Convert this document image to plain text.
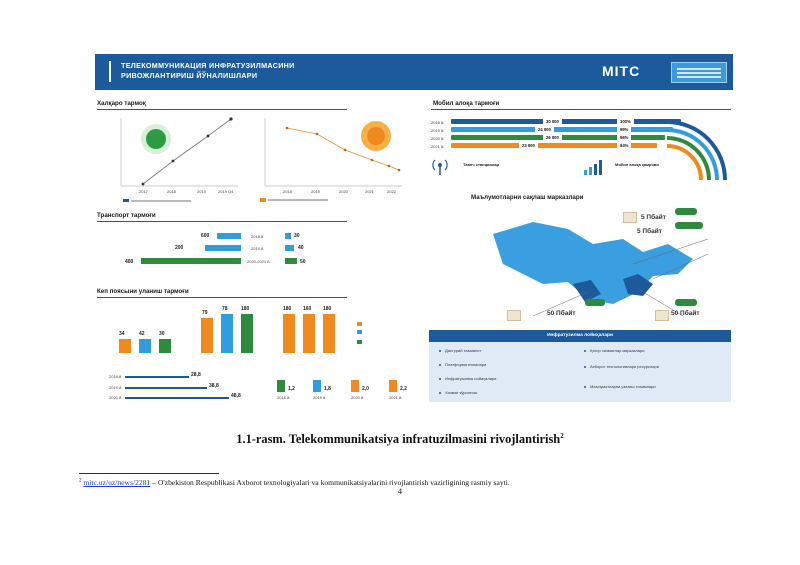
ТЕЛЕКОММУНИКАЦИЯ ИНФРАТУЗИЛМАСИНИ
РИВОЖЛАНТИРИШ ЙЎНАЛИШЛАРИ	MITC
Халқаро тармоқ
2017	2018	2019	2019 Q4	2018	2019	2020	2021	2022
Транспорт тармоғи
600
200
400
2018 й.	30
2019 й.	40
2020-2021 й.	50
Кеп поясыни уланиш тармоғи
34	42	30
79
78	180	180 160 180
28,8
2018 й.
38,8
2019 й.
48,8
2020 й.
1,2
2018 й.
1,8
2019 й.
2,0
2020 й.
2,2
2021 й.
Мобил алоқа тармоғи
2018 й.	30 000	100%
2019 й.	24 000	99%
2020 й.	26 000	96%
2021 й.	23 000	94%
Таянч станциялар	Мобил алоқа қамрови
Маълумотларни сақлаш марказлари
5 Пбайт
5 Пбайт
50 Пбайт	50 Пбайт
Инфратузилма лойиҳалари
Дастурий таъминот
Платформа ечимлари
Инфратузилма лойиҳалари
Хизмат кўрсатиш
Қатор хизматлар марказлари
Ахборот технологиялари ресурслари
Маълумотларни узатиш тизимлари
1.1-rasm. Telekommunikatsiya infratuzilmasini rivojlantirish$^2$
$^2$ mitc.uz/uz/news/2281 – O'zbekiston Respublikasi Axborot texnologiyalari va kommunikatsiyalarini rivojlantirish vazirligining rasmiy sayti.
4
